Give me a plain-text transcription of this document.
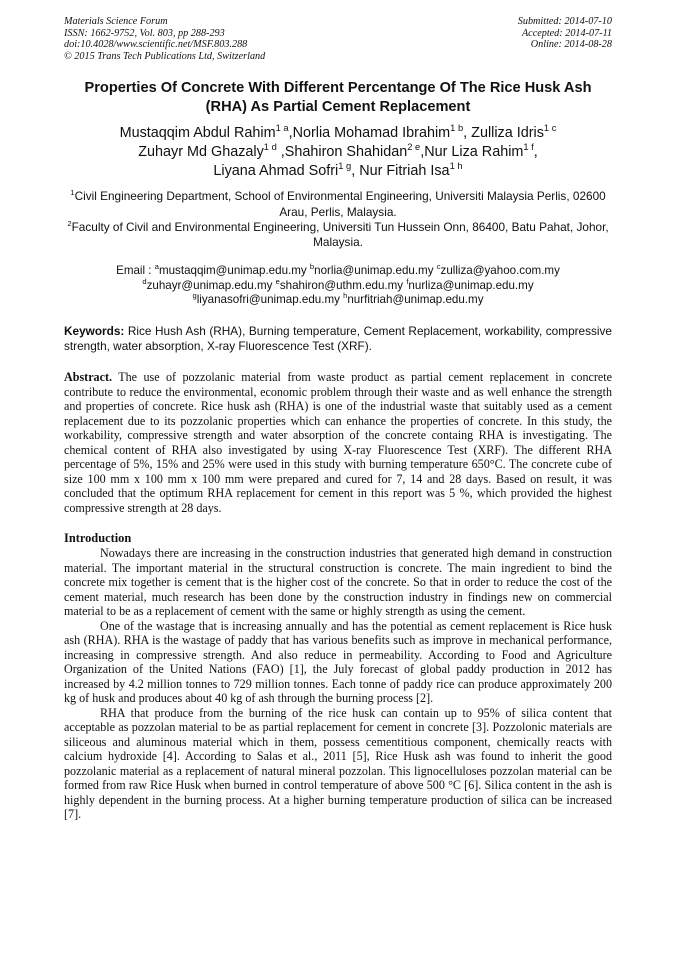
Materials Science Forum
ISSN: 1662-9752, Vol. 803, pp 288-293
doi:10.4028/www.scientific.net/MSF.803.288
© 2015 Trans Tech Publications Ltd, Switzerland
Submitted: 2014-07-10
Accepted: 2014-07-11
Online: 2014-08-28
Properties Of Concrete With Different Percentange Of The Rice Husk Ash (RHA) As Partial Cement Replacement
Mustaqqim Abdul Rahim$^{1 a}$,Norlia Mohamad Ibrahim$^{1 b}$, Zulliza Idris$^{1 c}$
Zuhayr Md Ghazaly$^{1 d}$ ,Shahiron Shahidan$^{2 e}$,Nur Liza Rahim$^{1 f}$,
Liyana Ahmad Sofri$^{1 g}$, Nur Fitriah Isa$^{1 h}$
$^1$Civil Engineering Department, School of Environmental Engineering, Universiti Malaysia Perlis, 02600 Arau, Perlis, Malaysia.
$^2$Faculty of Civil and Environmental Engineering, Universiti Tun Hussein Onn, 86400, Batu Pahat, Johor, Malaysia.
Email : $^a$mustaqqim@unimap.edu.my $^b$norlia@unimap.edu.my $^c$zulliza@yahoo.com.my
$^d$zuhayr@unimap.edu.my $^e$shahiron@uthm.edu.my $^f$nurliza@unimap.edu.my
$^g$liyanasofri@unimap.edu.my $^h$nurfitriah@unimap.edu.my
Keywords: Rice Hush Ash (RHA), Burning temperature, Cement Replacement, workability, compressive strength, water absorption, X-ray Fluorescence Test (XRF).
Abstract. The use of pozzolanic material from waste product as partial cement replacement in concrete contribute to reduce the environmental, economic problem through their waste and as well enhance the strength and properties of concrete. Rice husk ash (RHA) is one of the industrial waste that suitably used as a cement replacement due to its pozzolanic properties which can enhance the properties of concrete. In this study, the workability, compressive strength and water absorption of the concrete containg RHA is investigating. The chemical content of RHA also investigated by using X-ray Fluorescence Test (XRF). The different RHA percentage of 5%, 15% and 25% were used in this study with burning temperature 650°C. The concrete cube of size 100 mm x 100 mm x 100 mm were prepared and cured for 7, 14 and 28 days. Based on result, it was concluded that the optimum RHA replacement for cement in this report was 5 %, which provided the highest compressive strength at 28 days.
Introduction

Nowadays there are increasing in the construction industries that generated high demand in construction material. The important material in the structural construction is concrete. The main ingredient to bind the concrete mix together is cement that is the higher cost of the concrete. So that in order to reduce the cost of the cement material, much research has been done by the construction industry in findings new on commercial material to be as a replacement of cement with the same or highly strength as using the cement.

One of the wastage that is increasing annually and has the potential as cement replacement is Rice husk ash (RHA). RHA is the wastage of paddy that has various benefits such as improve in mechanical performance, increasing in compressive strength. And also reduce in permeability. According to Food and Agriculture Organization of the United Nations (FAO) [1], the July forecast of global paddy production in 2012 has increased by 4.2 million tonnes to 729 million tonnes. Each tonne of paddy rice can produce approximately 200 kg of husk and produces about 40 kg of ash through the burning process [2].

RHA that produce from the burning of the rice husk can contain up to 95% of silica content that acceptable as pozzolan material to be as partial replacement for cement in concrete [3]. Pozzolonic materials are siliceous and aluminous material which in them, possess cementitious component, chemically reacts with calcium hydroxide [4]. According to Salas et al., 2011 [5], Rice Husk ash was found to inherit the good pozzolanic material as a replacement of natural mineral pozzolan. This lignocelluloses pozzolan material can be formed from raw Rice Husk when burned in control temperature of above 500 °C [6]. Silica content in the ash is highly dependent in the burning process. At a higher burning temperature production of silica can be increased [7].
